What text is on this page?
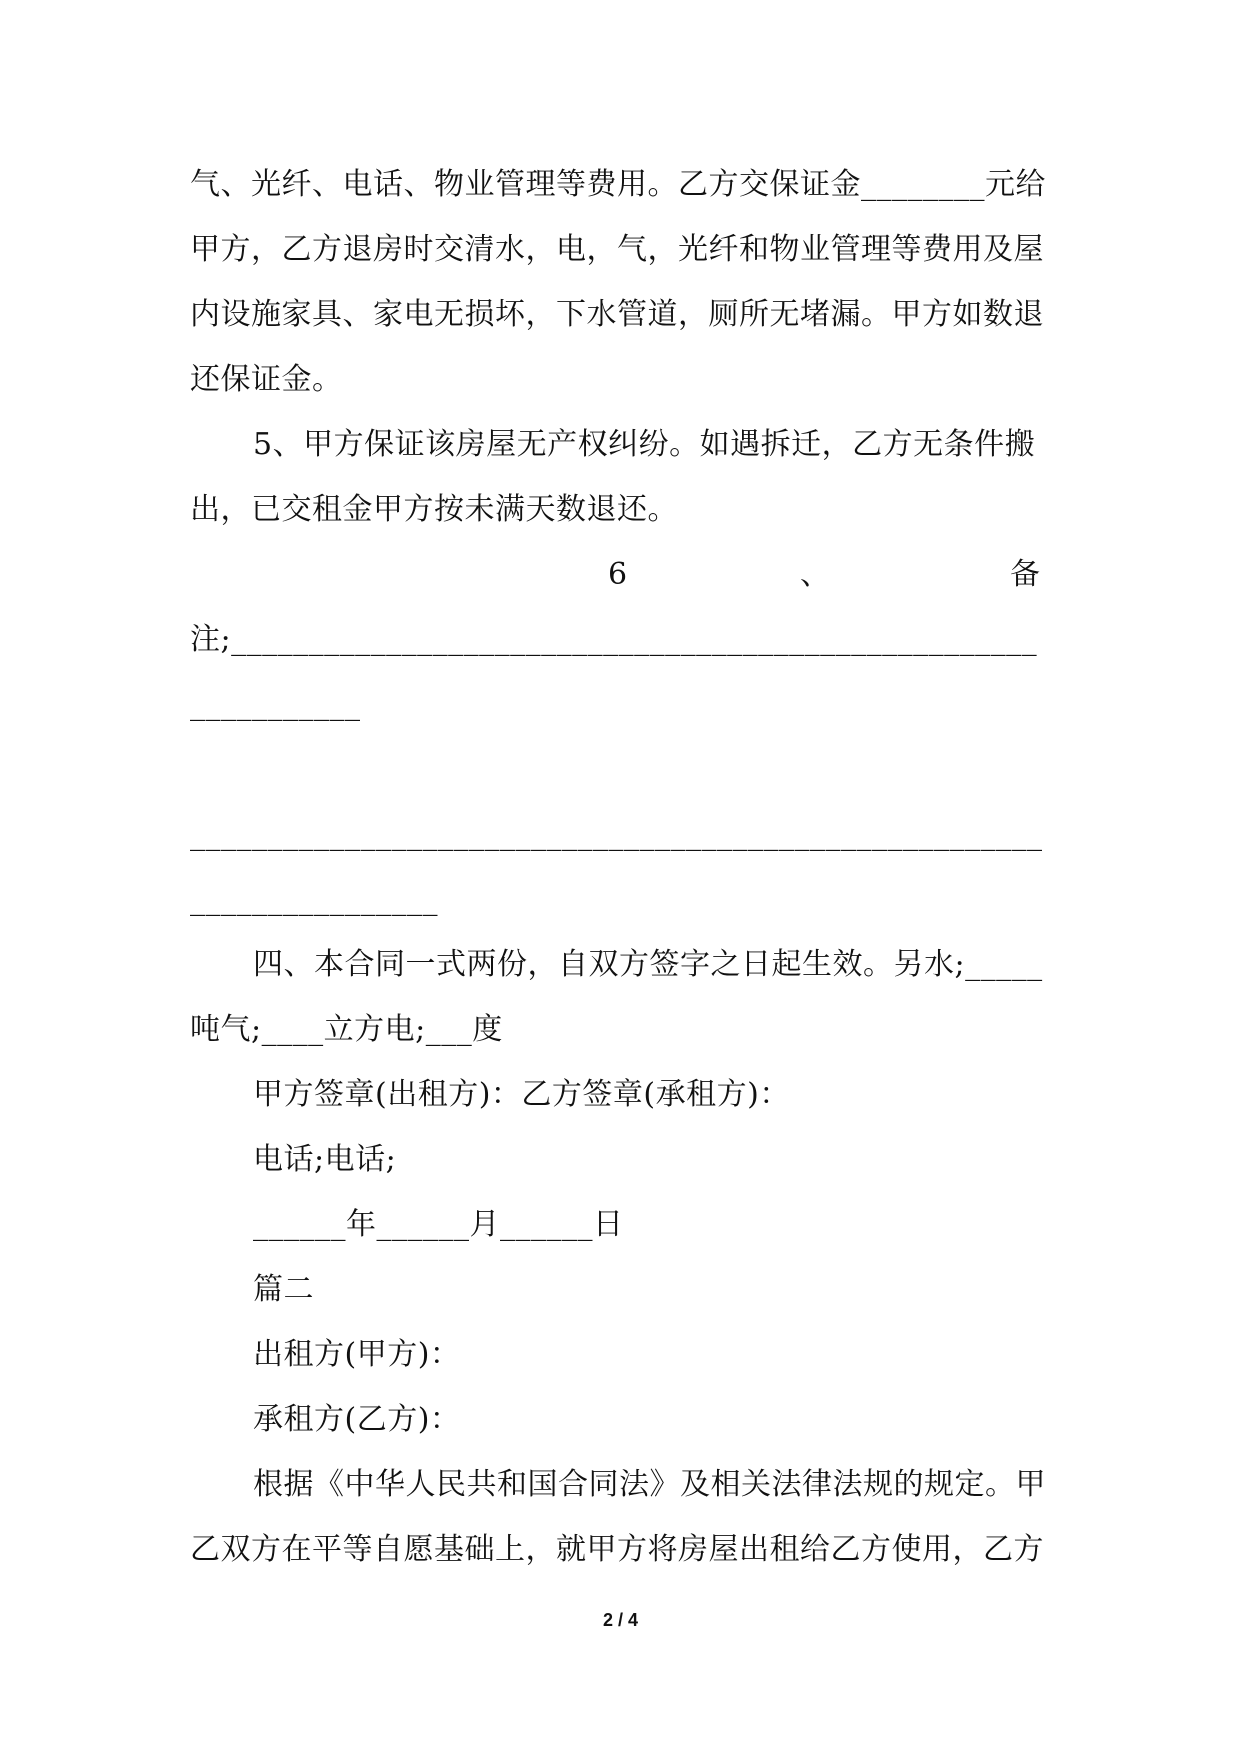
气、光纤、电话、物业管理等费用。乙方交保证金________元给
甲方，乙方退房时交清水，电，气，光纤和物业管理等费用及屋
内设施家具、家电无损坏，下水管道，厕所无堵漏。甲方如数退
还保证金。
5、甲方保证该房屋无产权纠纷。如遇拆迁，乙方无条件搬
出，已交租金甲方按未满天数退还。
6	、	备
注;____________________________________________________
___________
_______________________________________________________
________________
四、本合同一式两份，自双方签字之日起生效。另水;_____
吨气;____立方电;___度
甲方签章(出租方)：乙方签章(承租方)：
电话;电话;
______年______月______日
篇二
出租方(甲方)：
承租方(乙方)：
根据《中华人民共和国合同法》及相关法律法规的规定。甲
乙双方在平等自愿基础上，就甲方将房屋出租给乙方使用，乙方
2 / 4
